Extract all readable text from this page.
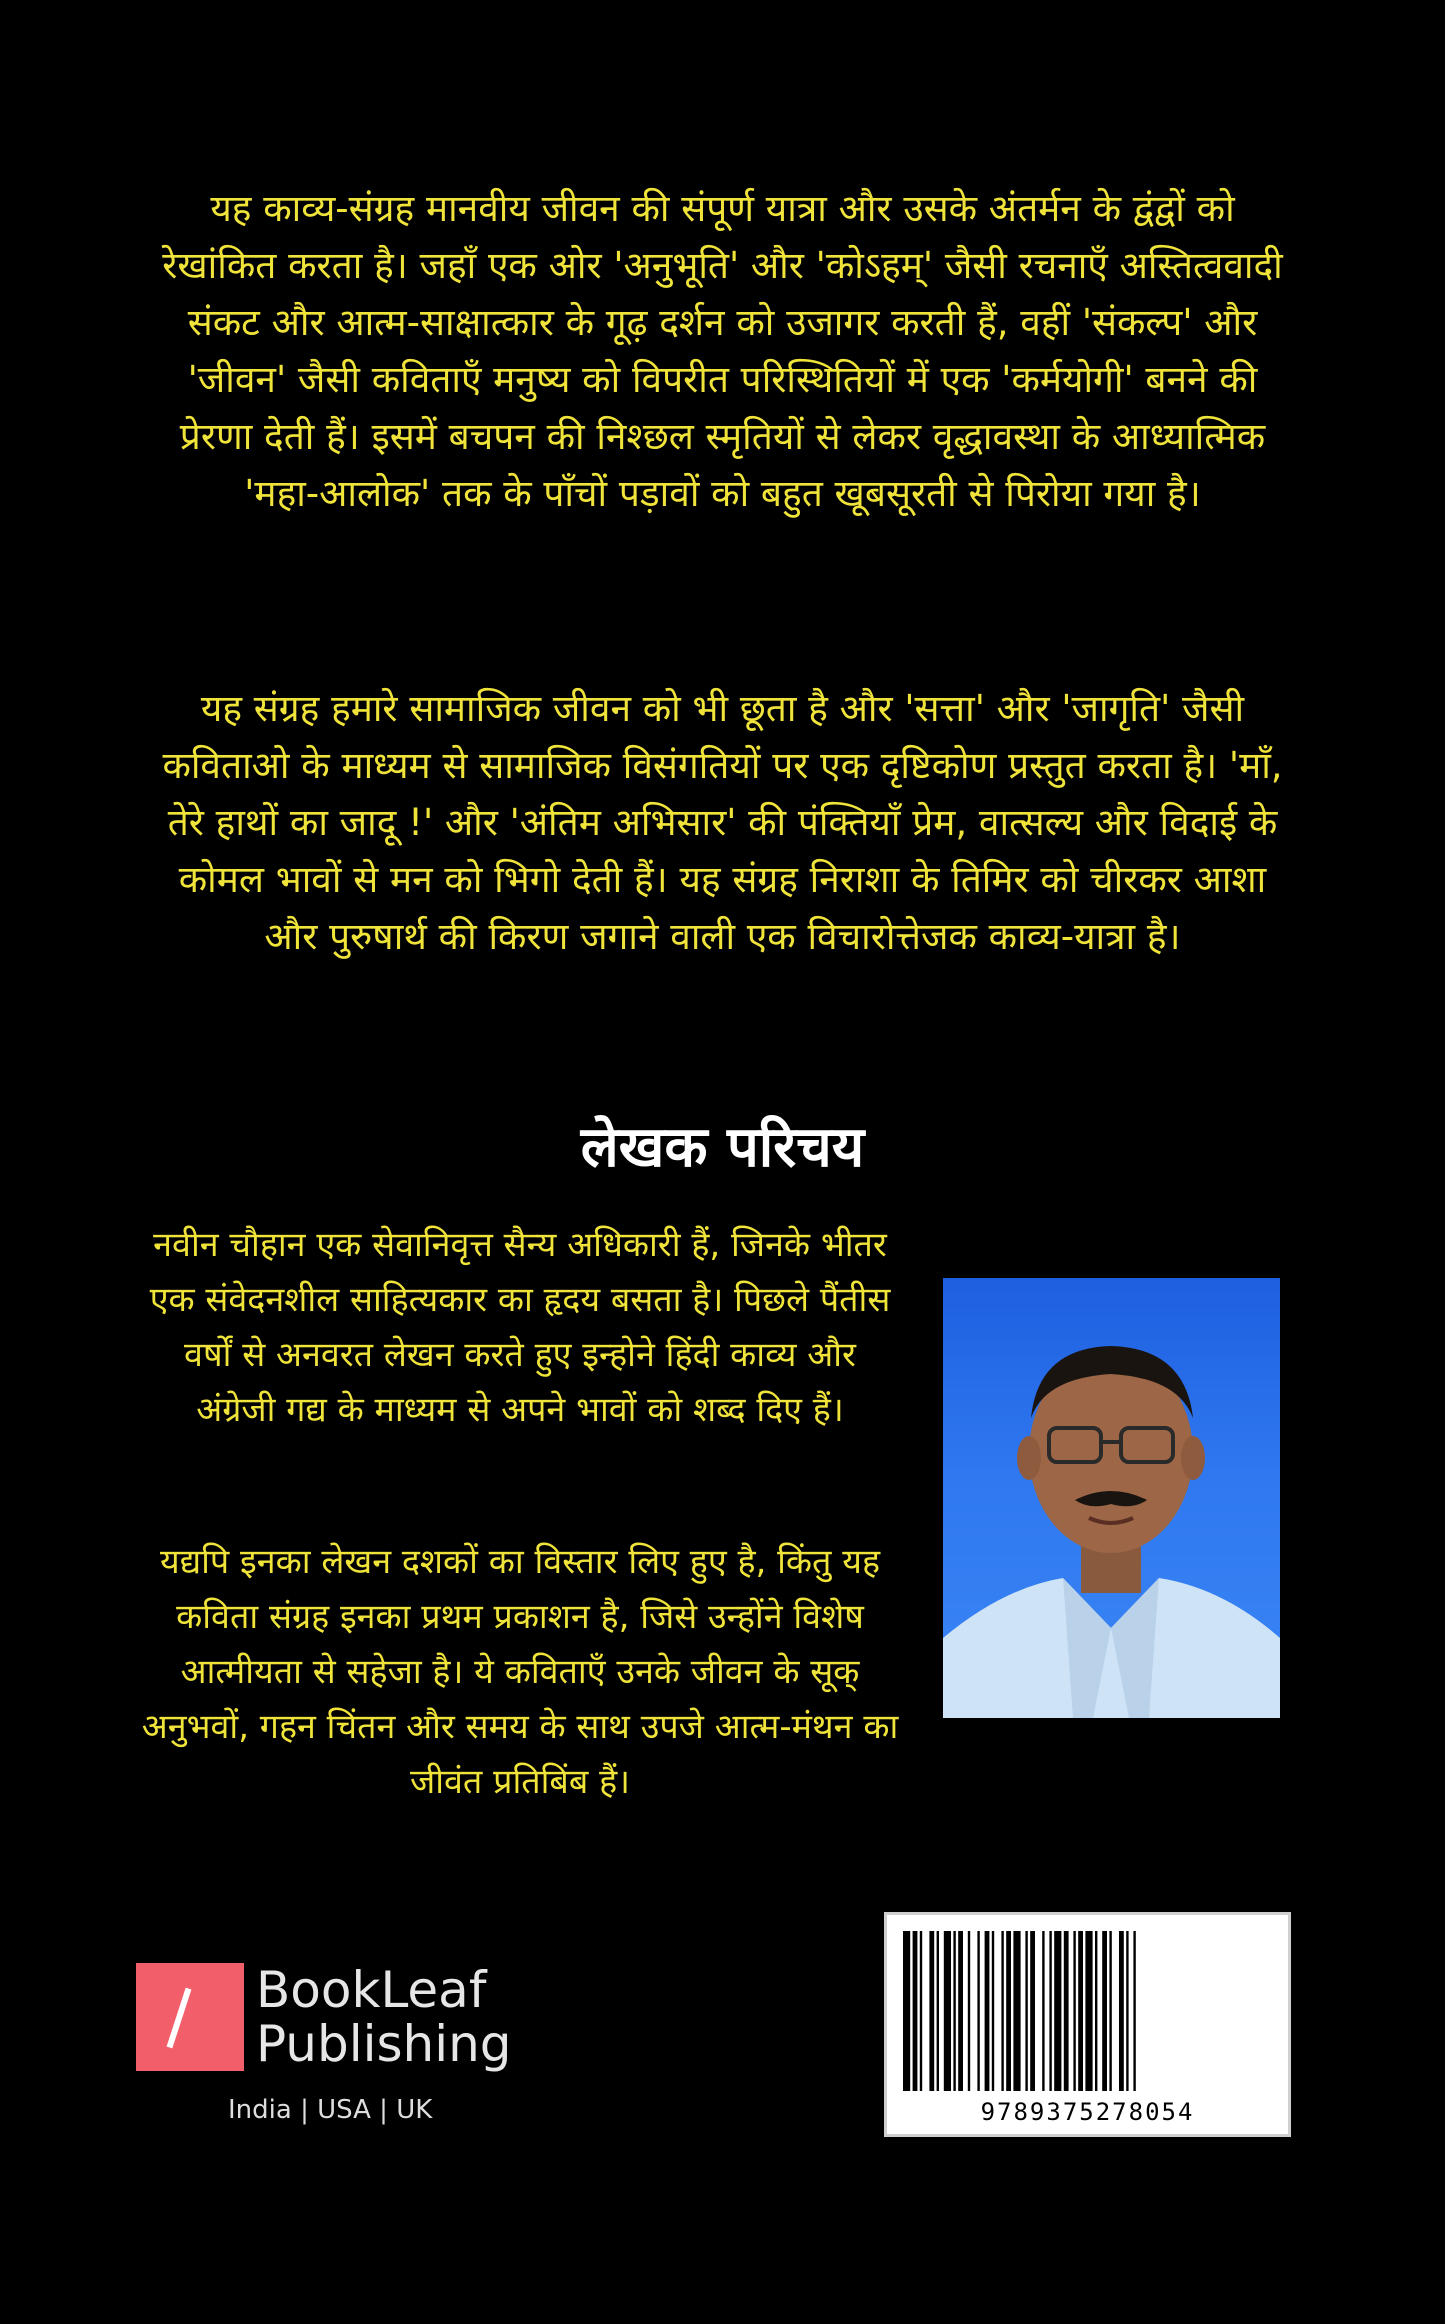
यह काव्य-संग्रह मानवीय जीवन की संपूर्ण यात्रा और उसके अंतर्मन के द्वंद्वों को रेखांकित करता है। जहाँ एक ओर 'अनुभूति' और 'कोऽहम्' जैसी रचनाएँ अस्तित्ववादी संकट और आत्म-साक्षात्कार के गूढ़ दर्शन को उजागर करती हैं, वहीं 'संकल्प' और 'जीवन' जैसी कविताएँ मनुष्य को विपरीत परिस्थितियों में एक 'कर्मयोगी' बनने की प्रेरणा देती हैं। इसमें बचपन की निश्छल स्मृतियों से लेकर वृद्धावस्था के आध्यात्मिक 'महा-आलोक' तक के पाँचों पड़ावों को बहुत खूबसूरती से पिरोया गया है।

यह संग्रह हमारे सामाजिक जीवन को भी छूता है और 'सत्ता' और 'जागृति' जैसी कविताओ के माध्यम से सामाजिक विसंगतियों पर एक दृष्टिकोण प्रस्तुत करता है। 'माँ, तेरे हाथों का जादू !' और 'अंतिम अभिसार' की पंक्तियाँ प्रेम, वात्सल्य और विदाई के कोमल भावों से मन को भिगो देती हैं। यह संग्रह निराशा के तिमिर को चीरकर आशा और पुरुषार्थ की किरण जगाने वाली एक विचारोत्तेजक काव्य-यात्रा है।

लेखक परिचय

नवीन चौहान एक सेवानिवृत्त सैन्य अधिकारी हैं, जिनके भीतर एक संवेदनशील साहित्यकार का हृदय बसता है। पिछले पैंतीस वर्षों से अनवरत लेखन करते हुए इन्होने हिंदी काव्य और अंग्रेजी गद्य के माध्यम से अपने भावों को शब्द दिए हैं।

यद्यपि इनका लेखन दशकों का विस्तार लिए हुए है, किंतु यह कविता संग्रह इनका प्रथम प्रकाशन है, जिसे उन्होंने विशेष आत्मीयता से सहेजा है। ये कविताएँ उनके जीवन के सूक् अनुभवों, गहन चिंतन और समय के साथ उपजे आत्म-मंथन का जीवंत प्रतिबिंब हैं।

BookLeaf

Publishing

India | USA | UK	9789375278054
